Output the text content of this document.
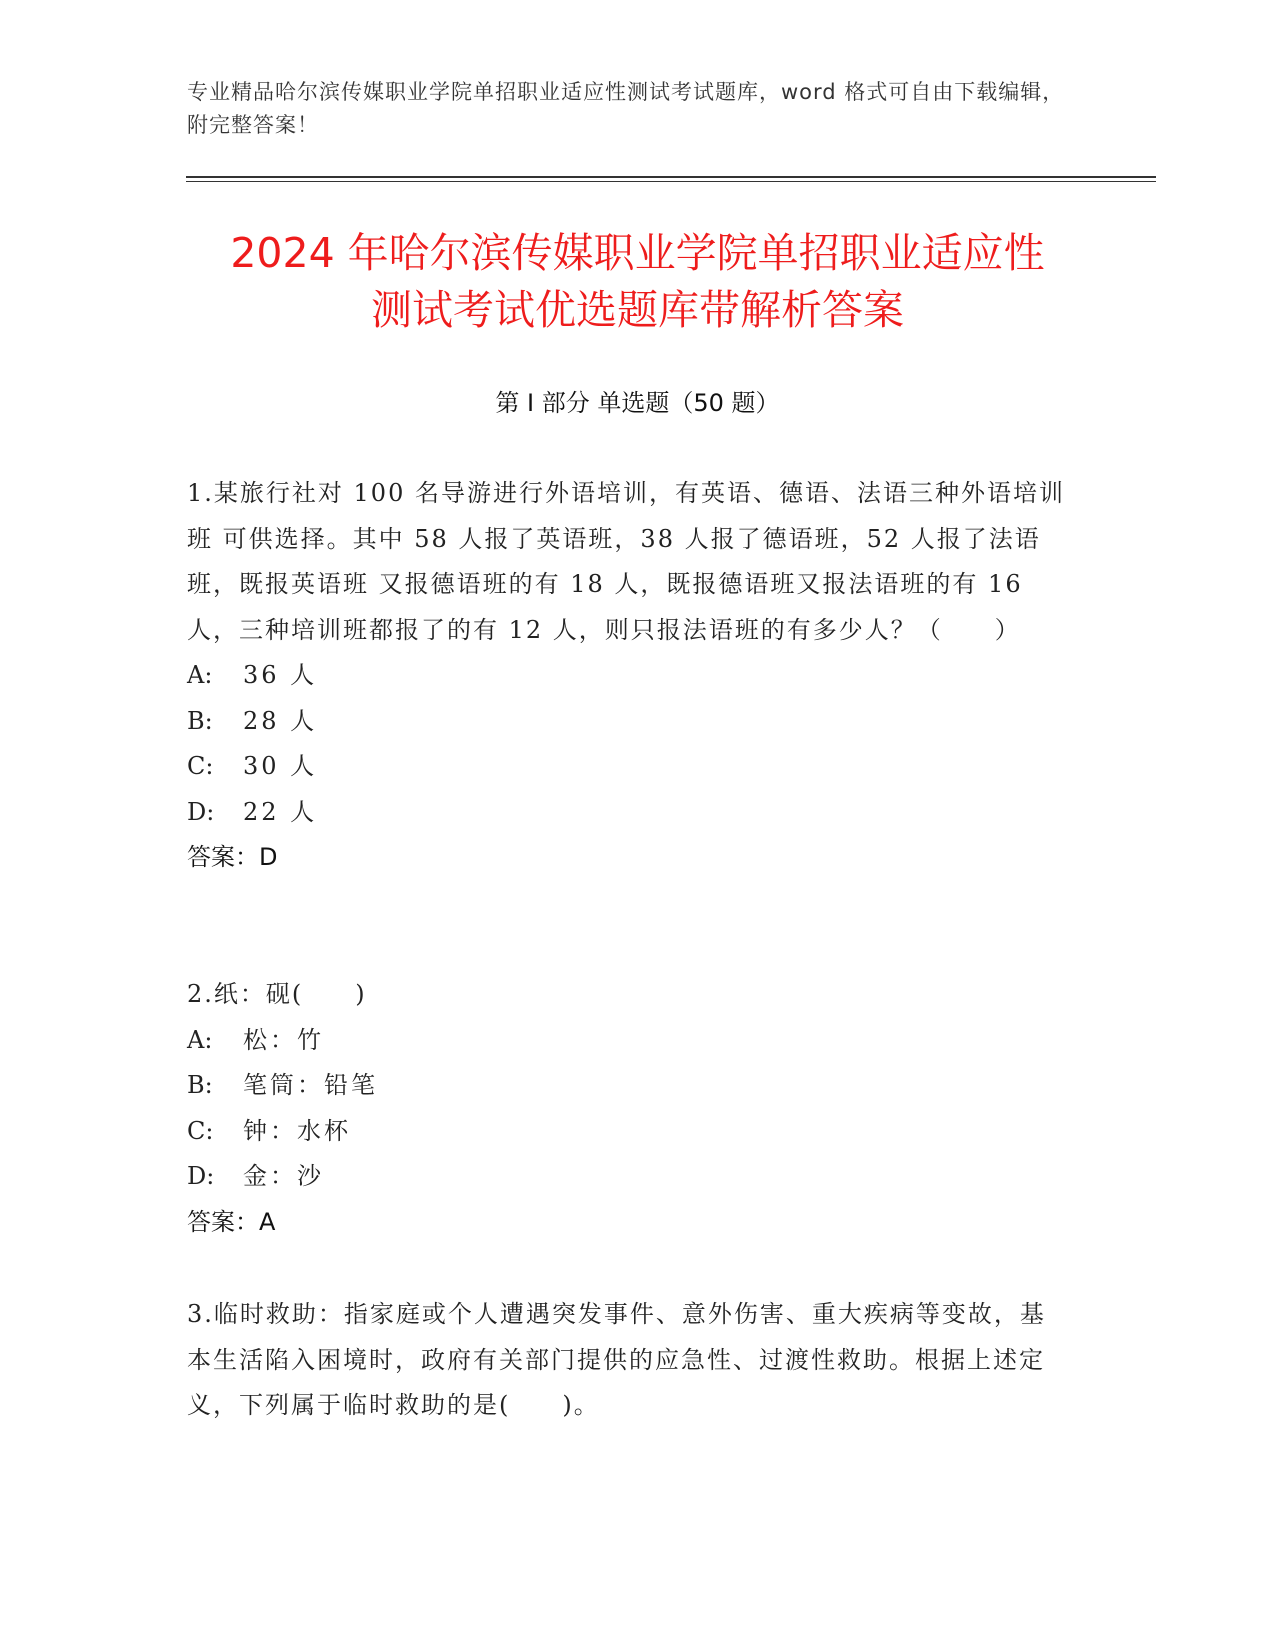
专业精品哈尔滨传媒职业学院单招职业适应性测试考试题库，word 格式可自由下载编辑，附完整答案！
2024 年哈尔滨传媒职业学院单招职业适应性
测试考试优选题库带解析答案
第 I 部分 单选题（50 题）
1.某旅行社对 100 名导游进行外语培训，有英语、德语、法语三种外语培训班 可供选择。其中 58 人报了英语班，38 人报了德语班，52 人报了法语班，既报英语班 又报德语班的有 18 人，既报德语班又报法语班的有 16 人，三种培训班都报了的有 12 人，则只报法语班的有多少人？（　　）
A:	36 人
B:	28 人
C:	30 人
D:	22 人
答案：D
2.纸：砚(　　)
A:	松：竹
B:	笔筒：铅笔
C:	钟：水杯
D:	金：沙
答案：A
3.临时救助：指家庭或个人遭遇突发事件、意外伤害、重大疾病等变故，基本生活陷入困境时，政府有关部门提供的应急性、过渡性救助。根据上述定义，下列属于临时救助的是(　　)。
